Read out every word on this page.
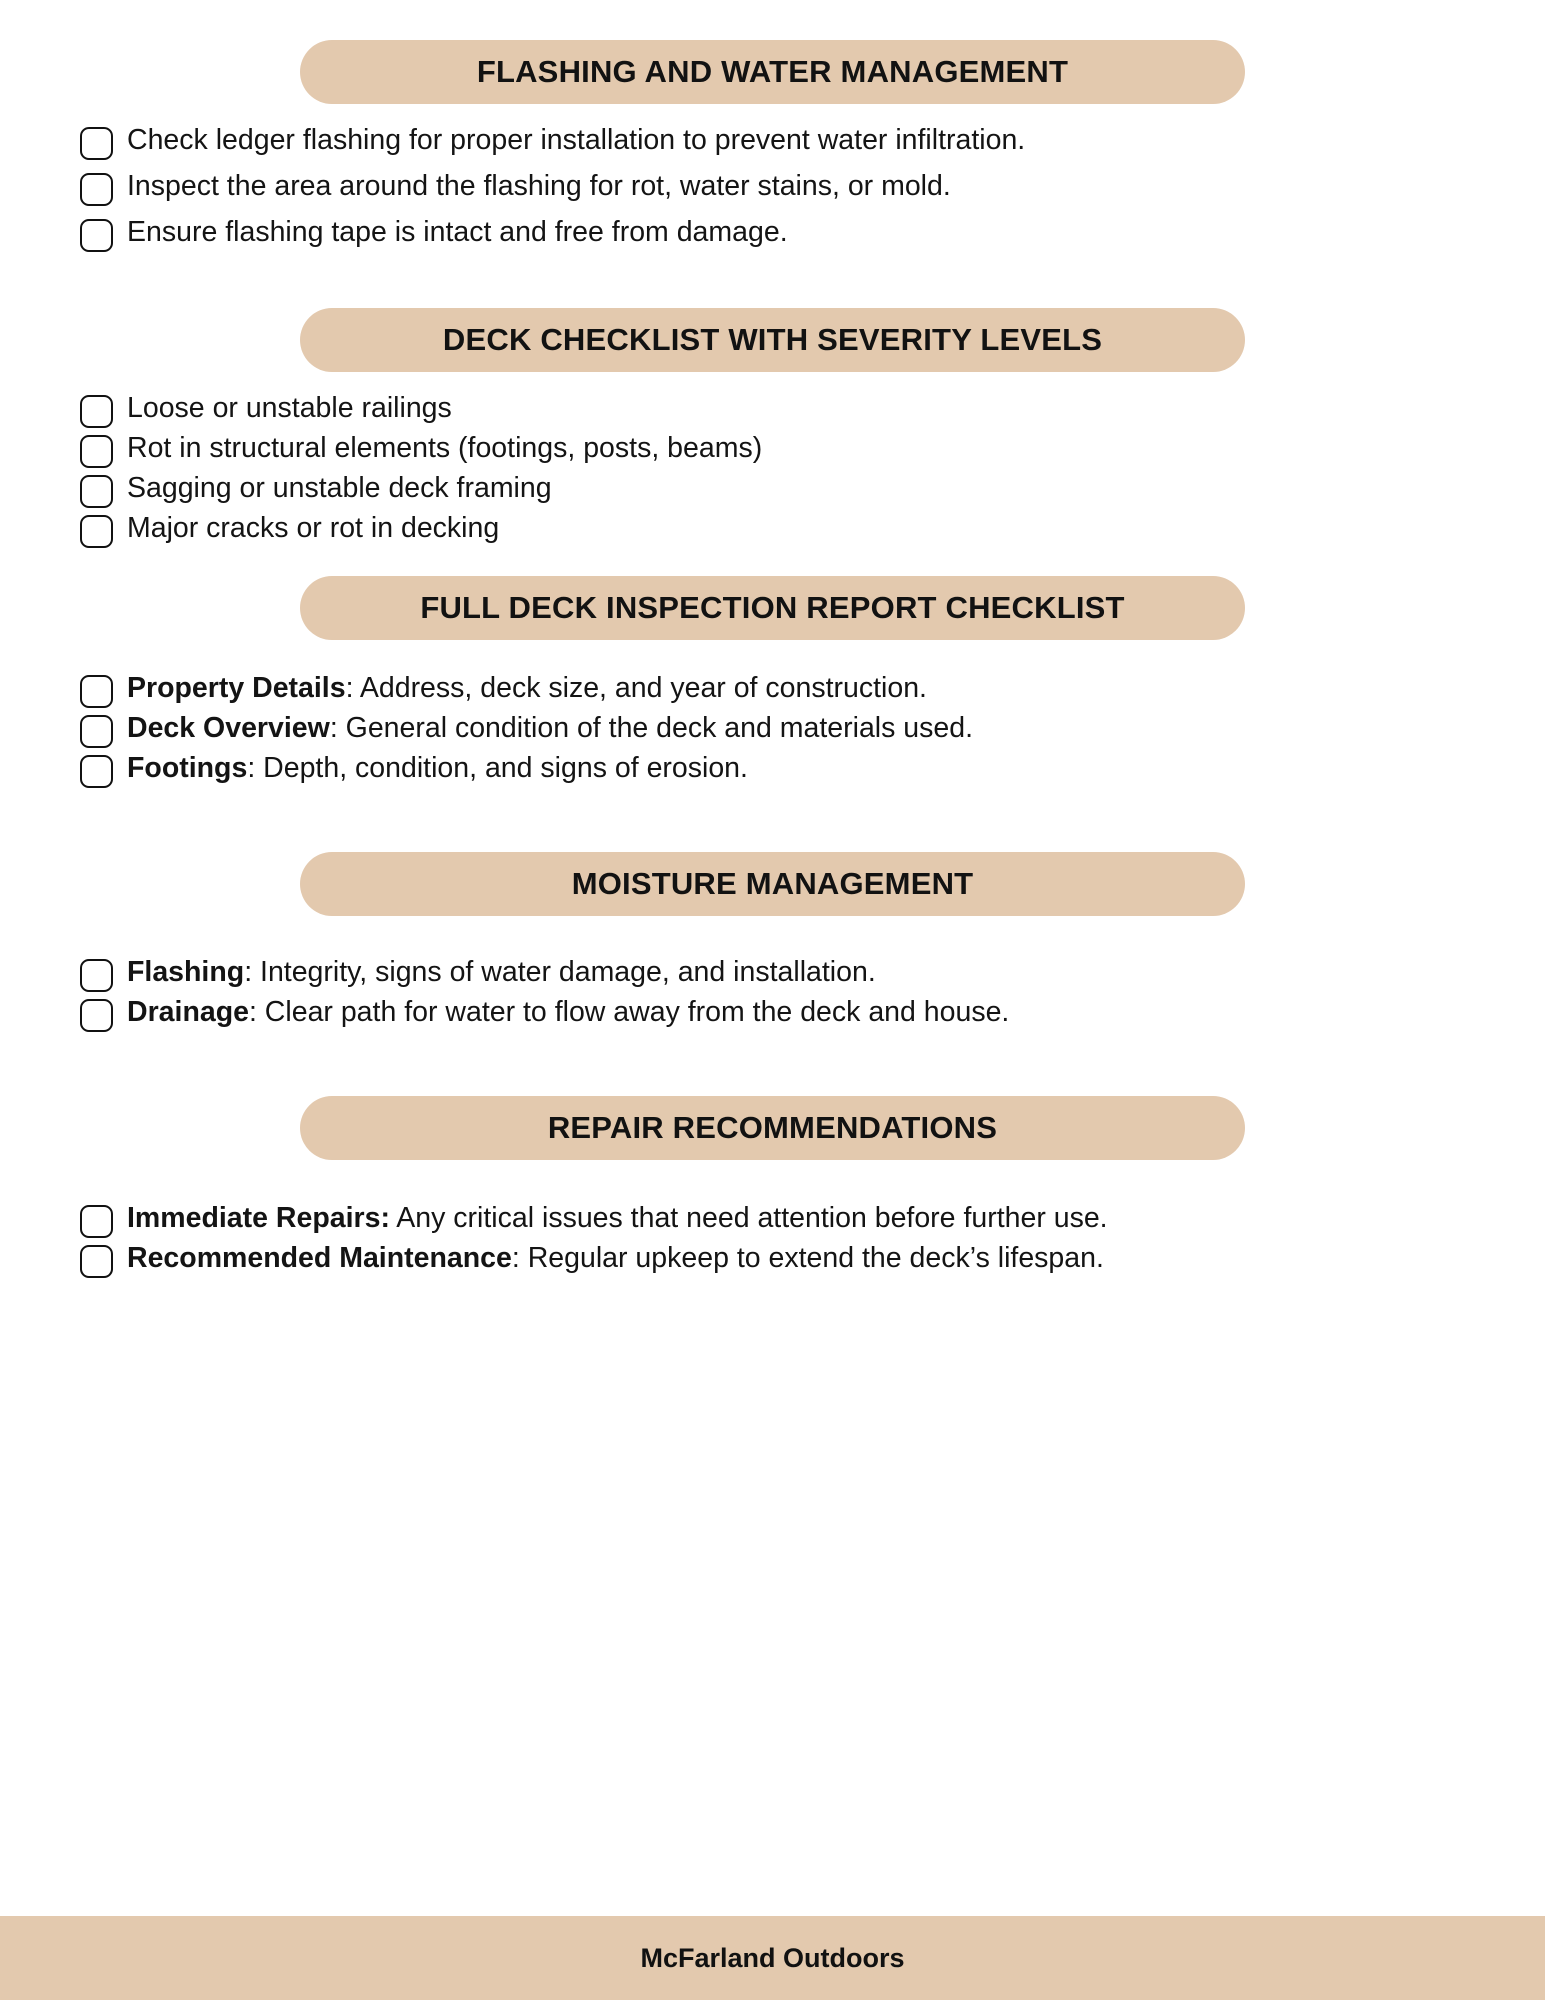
FLASHING AND WATER MANAGEMENT
Check ledger flashing for proper installation to prevent water infiltration.
Inspect the area around the flashing for rot, water stains, or mold.
Ensure flashing tape is intact and free from damage.
DECK CHECKLIST WITH SEVERITY LEVELS
Loose or unstable railings
Rot in structural elements (footings, posts, beams)
Sagging or unstable deck framing
Major cracks or rot in decking
FULL DECK INSPECTION REPORT CHECKLIST
Property Details: Address, deck size, and year of construction.
Deck Overview: General condition of the deck and materials used.
Footings: Depth, condition, and signs of erosion.
MOISTURE MANAGEMENT
Flashing: Integrity, signs of water damage, and installation.
Drainage: Clear path for water to flow away from the deck and house.
REPAIR RECOMMENDATIONS
Immediate Repairs: Any critical issues that need attention before further use.
Recommended Maintenance: Regular upkeep to extend the deck’s lifespan.
McFarland Outdoors
